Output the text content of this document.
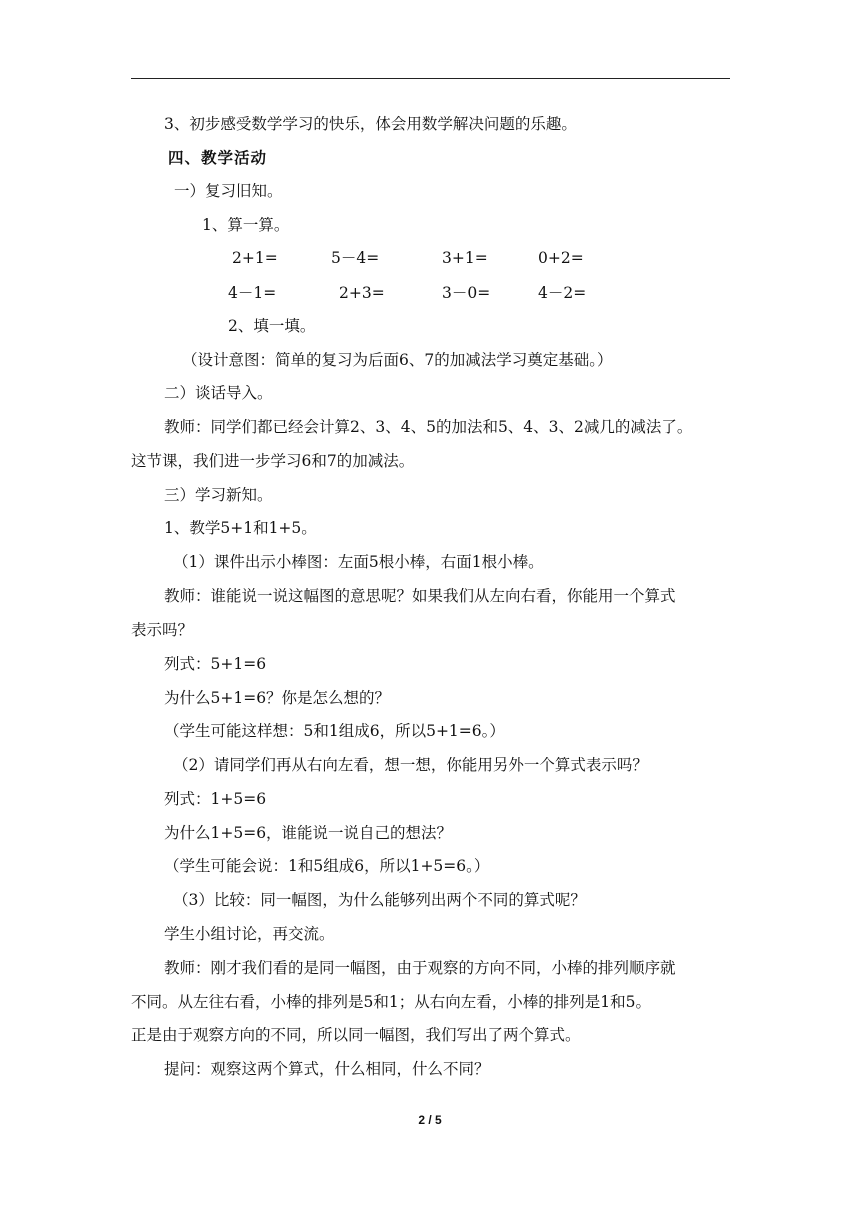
3、初步感受数学学习的快乐，体会用数学解决问题的乐趣。
四、教学活动
一）复习旧知。
1、算一算。
2+1=	5－4=	3+1=	0+2=
4－1=	2+3=	3－0=	4－2=
2、填一填。
（设计意图：简单的复习为后面6、7的加减法学习奠定基础。）
二）谈话导入。
教师：同学们都已经会计算2、3、4、5的加法和5、4、3、2减几的减法了。
这节课，我们进一步学习6和7的加减法。
三）学习新知。
1、教学5+1和1+5。
（1）课件出示小棒图：左面5根小棒，右面1根小棒。
教师：谁能说一说这幅图的意思呢？如果我们从左向右看，你能用一个算式
表示吗？
列式：5+1=6
为什么5+1=6？你是怎么想的？
（学生可能这样想：5和1组成6，所以5+1=6。）
（2）请同学们再从右向左看，想一想，你能用另外一个算式表示吗？
列式：1+5=6
为什么1+5=6，谁能说一说自己的想法？
（学生可能会说：1和5组成6，所以1+5=6。）
（3）比较：同一幅图，为什么能够列出两个不同的算式呢？
学生小组讨论，再交流。
教师：刚才我们看的是同一幅图，由于观察的方向不同，小棒的排列顺序就
不同。从左往右看，小棒的排列是5和1；从右向左看，小棒的排列是1和5。
正是由于观察方向的不同，所以同一幅图，我们写出了两个算式。
提问：观察这两个算式，什么相同，什么不同？
2 / 5
